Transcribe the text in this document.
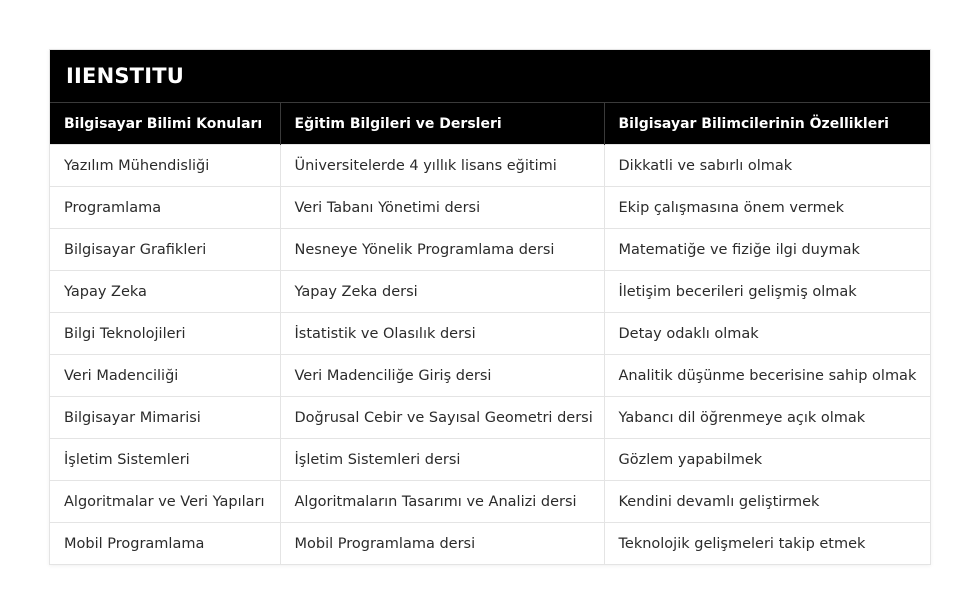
IIENSTITU
Bilgisayar Bilimi Konuları	Eğitim Bilgileri ve Dersleri	Bilgisayar Bilimcilerinin Özellikleri
Yazılım Mühendisliği	Üniversitelerde 4 yıllık lisans eğitimi	Dikkatli ve sabırlı olmak
Programlama	Veri Tabanı Yönetimi dersi	Ekip çalışmasına önem vermek
Bilgisayar Grafikleri	Nesneye Yönelik Programlama dersi	Matematiğe ve fiziğe ilgi duymak
Yapay Zeka	Yapay Zeka dersi	İletişim becerileri gelişmiş olmak
Bilgi Teknolojileri	İstatistik ve Olasılık dersi	Detay odaklı olmak
Veri Madenciliği	Veri Madenciliğe Giriş dersi	Analitik düşünme becerisine sahip olmak
Bilgisayar Mimarisi	Doğrusal Cebir ve Sayısal Geometri dersi	Yabancı dil öğrenmeye açık olmak
İşletim Sistemleri	İşletim Sistemleri dersi	Gözlem yapabilmek
Algoritmalar ve Veri Yapıları	Algoritmaların Tasarımı ve Analizi dersi	Kendini devamlı geliştirmek
Mobil Programlama	Mobil Programlama dersi	Teknolojik gelişmeleri takip etmek
